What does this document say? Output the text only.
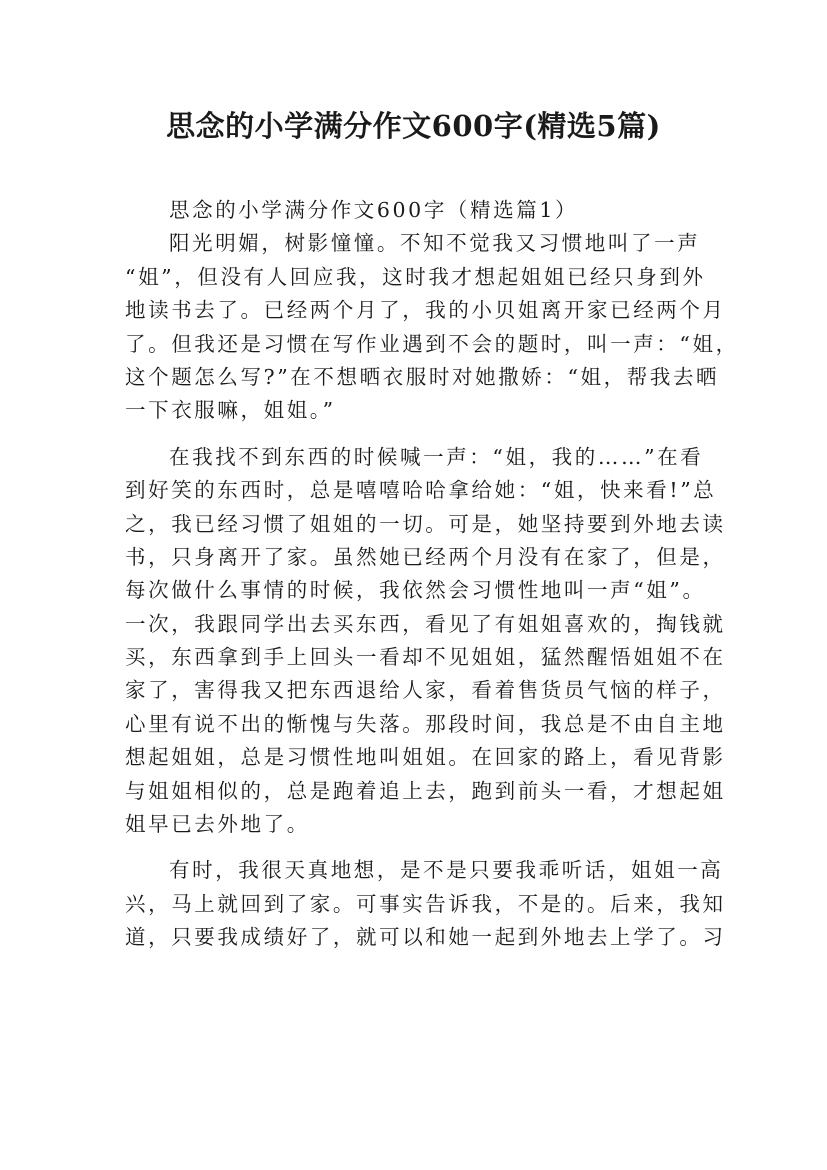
思念的小学满分作文600字(精选5篇)
思念的小学满分作文600字（精选篇1）
阳光明媚，树影憧憧。不知不觉我又习惯地叫了一声
“姐”，但没有人回应我，这时我才想起姐姐已经只身到外
地读书去了。已经两个月了，我的小贝姐离开家已经两个月
了。但我还是习惯在写作业遇到不会的题时，叫一声：“姐，
这个题怎么写?”在不想晒衣服时对她撒娇：“姐，帮我去晒
一下衣服嘛，姐姐。”
在我找不到东西的时候喊一声：“姐，我的……”在看
到好笑的东西时，总是嘻嘻哈哈拿给她：“姐，快来看!”总
之，我已经习惯了姐姐的一切。可是，她坚持要到外地去读
书，只身离开了家。虽然她已经两个月没有在家了，但是，
每次做什么事情的时候，我依然会习惯性地叫一声“姐”。
一次，我跟同学出去买东西，看见了有姐姐喜欢的，掏钱就
买，东西拿到手上回头一看却不见姐姐，猛然醒悟姐姐不在
家了，害得我又把东西退给人家，看着售货员气恼的样子，
心里有说不出的惭愧与失落。那段时间，我总是不由自主地
想起姐姐，总是习惯性地叫姐姐。在回家的路上，看见背影
与姐姐相似的，总是跑着追上去，跑到前头一看，才想起姐
姐早已去外地了。
有时，我很天真地想，是不是只要我乖听话，姐姐一高
兴，马上就回到了家。可事实告诉我，不是的。后来，我知
道，只要我成绩好了，就可以和她一起到外地去上学了。习
